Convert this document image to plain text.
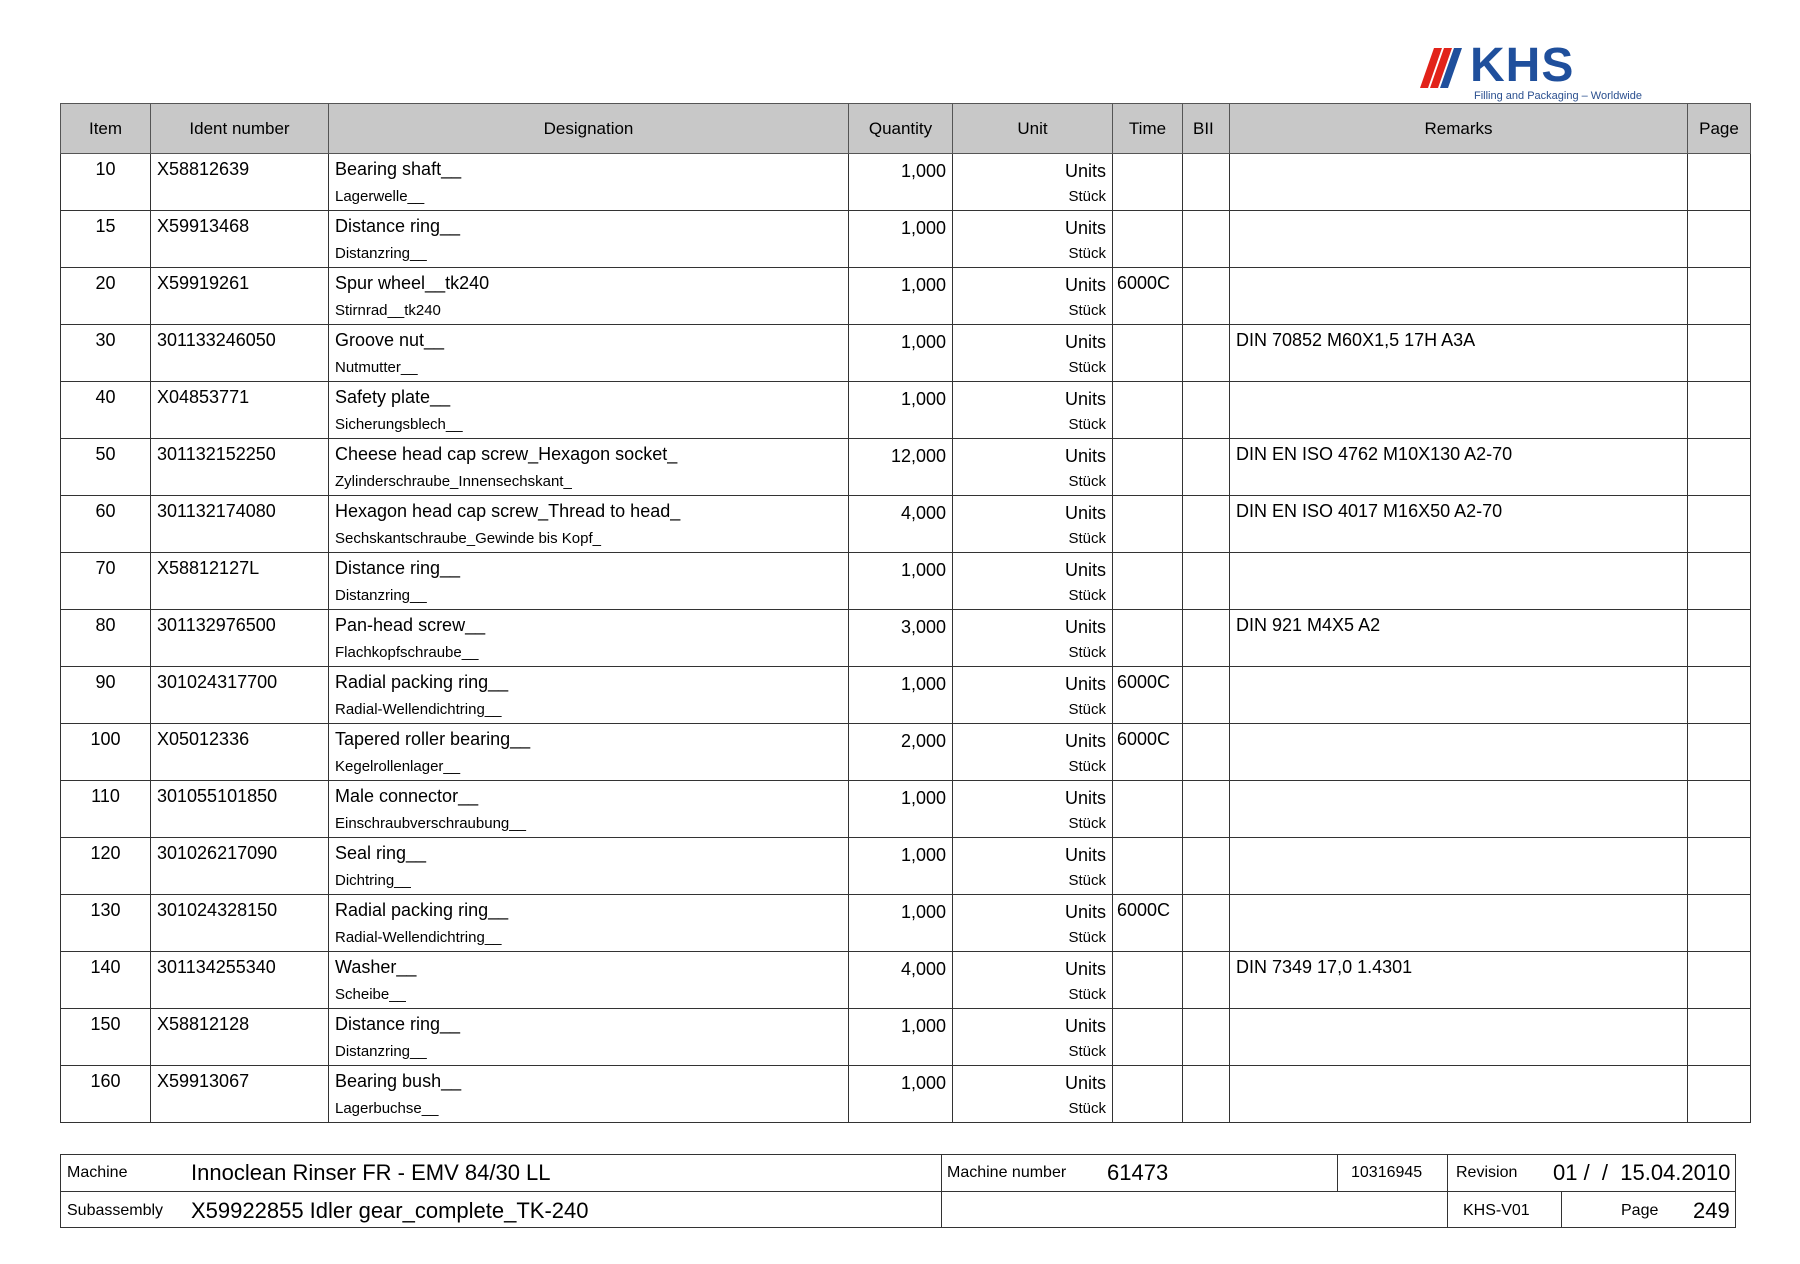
KHS
Filling and Packaging – Worldwide
Item	Ident number	Designation	Quantity	Unit	Time	BII	Remarks	Page

10	X58812639	Bearing shaft__
Lagerwelle__	1,000	Units
Stück				

15	X59913468	Distance ring__
Distanzring__	1,000	Units
Stück				

20	X59919261	Spur wheel__tk240
Stirnrad__tk240	1,000	Units
Stück	6000C			

30	301133246050	Groove nut__
Nutmutter__	1,000	Units
Stück			DIN 70852 M60X1,5 17H A3A	

40	X04853771	Safety plate__
Sicherungsblech__	1,000	Units
Stück				

50	301132152250	Cheese head cap screw_Hexagon socket_
Zylinderschraube_Innensechskant_	12,000	Units
Stück			DIN EN ISO 4762 M10X130 A2-70	

60	301132174080	Hexagon head cap screw_Thread to head_
Sechskantschraube_Gewinde bis Kopf_	4,000	Units
Stück			DIN EN ISO 4017 M16X50 A2-70	

70	X58812127L	Distance ring__
Distanzring__	1,000	Units
Stück				

80	301132976500	Pan-head screw__
Flachkopfschraube__	3,000	Units
Stück			DIN 921 M4X5 A2	

90	301024317700	Radial packing ring__
Radial-Wellendichtring__	1,000	Units
Stück	6000C			

100	X05012336	Tapered roller bearing__
Kegelrollenlager__	2,000	Units
Stück	6000C			

110	301055101850	Male connector__
Einschraubverschraubung__	1,000	Units
Stück				

120	301026217090	Seal ring__
Dichtring__	1,000	Units
Stück				

130	301024328150	Radial packing ring__
Radial-Wellendichtring__	1,000	Units
Stück	6000C			

140	301134255340	Washer__
Scheibe__	4,000	Units
Stück			DIN 7349 17,0 1.4301	

150	X58812128	Distance ring__
Distanzring__	1,000	Units
Stück				

160	X59913067	Bearing bush__
Lagerbuchse__	1,000	Units
Stück				

Machine	Innoclean Rinser FR - EMV 84/30 LL	Machine number 61473	10316945 Revision 01 /  /  15.04.2010
Subassembly X59922855 Idler gear_complete_TK-240	KHS-V01	Page 249
